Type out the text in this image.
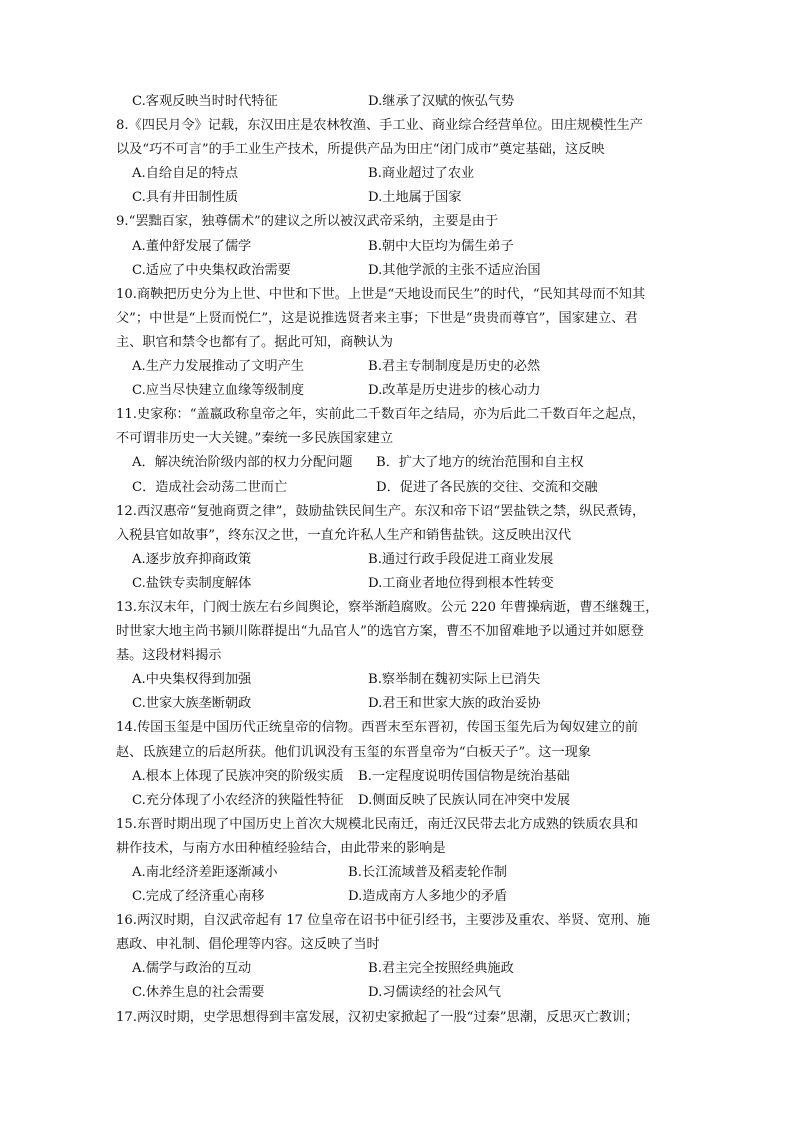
C.客观反映当时时代特征	D.继承了汉赋的恢弘气势
8.《四民月令》记载，东汉田庄是农林牧渔、手工业、商业综合经营单位。田庄规模性生产
以及“巧不可言”的手工业生产技术，所提供产品为田庄“闭门成市”奠定基础，这反映
A.自给自足的特点	B.商业超过了农业
C.具有井田制性质	D.土地属于国家
9.“罢黜百家，独尊儒术”的建议之所以被汉武帝采纳，主要是由于
A.董仲舒发展了儒学	B.朝中大臣均为儒生弟子
C.适应了中央集权政治需要	D.其他学派的主张不适应治国
10.商鞅把历史分为上世、中世和下世。上世是“天地设而民生”的时代，“民知其母而不知其
父”；中世是“上贤而悦仁”，这是说推选贤者来主事；下世是“贵贵而尊官”，国家建立、君
主、职官和禁令也都有了。据此可知，商鞅认为
A.生产力发展推动了文明产生	B.君主专制制度是历史的必然
C.应当尽快建立血缘等级制度	D.改革是历史进步的核心动力
11.史家称：“盖嬴政称皇帝之年，实前此二千数百年之结局，亦为后此二千数百年之起点，
不可谓非历史一大关键。”秦统一多民族国家建立
A．解决统治阶级内部的权力分配问题	B．扩大了地方的统治范围和自主权
C．造成社会动荡二世而亡	D．促进了各民族的交往、交流和交融
12.西汉惠帝“复弛商贾之律”，鼓励盐铁民间生产。东汉和帝下诏“罢盐铁之禁，纵民煮铸，
入税县官如故事”，终东汉之世，一直允许私人生产和销售盐铁。这反映出汉代
A.逐步放弃抑商政策	B.通过行政手段促进工商业发展
C.盐铁专卖制度解体	D.工商业者地位得到根本性转变
13.东汉末年，门阀士族左右乡闾舆论，察举渐趋腐败。公元 220 年曹操病逝，曹丕继魏王，
时世家大地主尚书颍川陈群提出“九品官人”的选官方案，曹丕不加留难地予以通过并如愿登
基。这段材料揭示
A.中央集权得到加强	B.察举制在魏初实际上已消失
C.世家大族垄断朝政	D.君王和世家大族的政治妥协
14.传国玉玺是中国历代正统皇帝的信物。西晋末至东晋初，传国玉玺先后为匈奴建立的前
赵、氐族建立的后赵所获。他们讥讽没有玉玺的东晋皇帝为“白板天子”。这一现象
A.根本上体现了民族冲突的阶级实质	B.一定程度说明传国信物是统治基础
C.充分体现了小农经济的狭隘性特征	D.侧面反映了民族认同在冲突中发展
15.东晋时期出现了中国历史上首次大规模北民南迁，南迁汉民带去北方成熟的铁质农具和
耕作技术，与南方水田种植经验结合，由此带来的影响是
A.南北经济差距逐渐减小	B.长江流域普及稻麦轮作制
C.完成了经济重心南移	D.造成南方人多地少的矛盾
16.两汉时期，自汉武帝起有 17 位皇帝在诏书中征引经书，主要涉及重农、举贤、宽刑、施
惠政、申礼制、倡伦理等内容。这反映了当时
A.儒学与政治的互动	B.君主完全按照经典施政
C.休养生息的社会需要	D.习儒读经的社会风气
17.两汉时期，史学思想得到丰富发展，汉初史家掀起了一股“过秦”思潮，反思灭亡教训；
